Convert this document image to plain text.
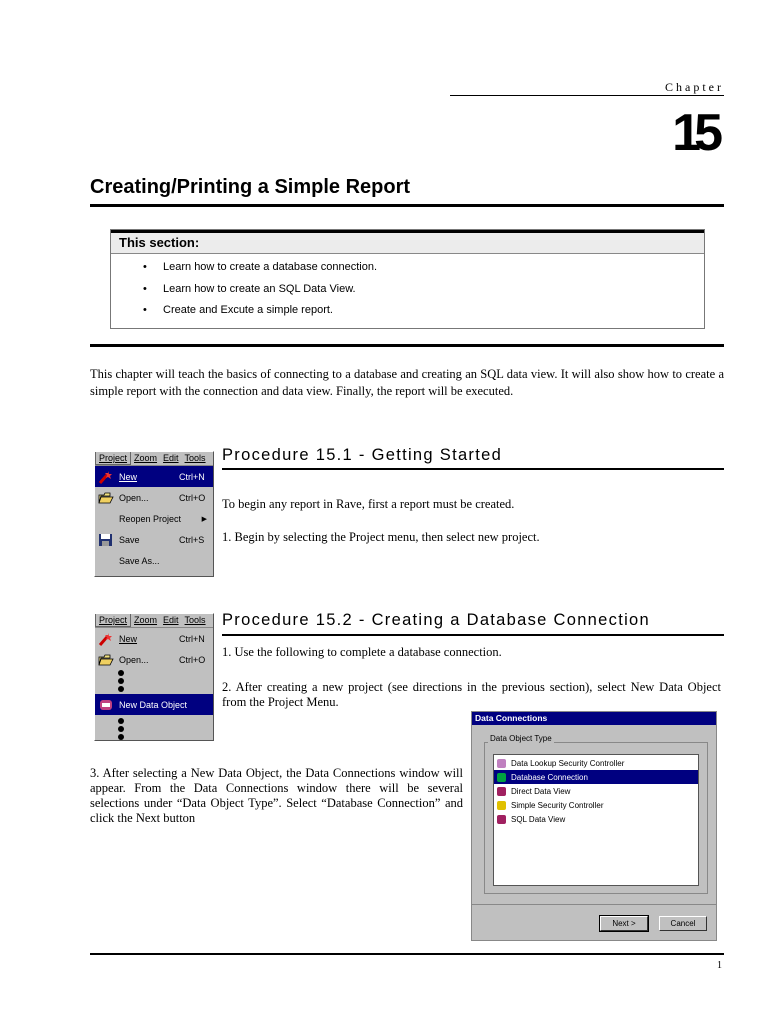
Chapter
15
Creating/Printing a Simple Report
This section:
• Learn how to create a database connection.
• Learn how to create an SQL Data View.
• Create and Excute a simple report.

This chapter will teach the basics of connecting to a database and creating an SQL data view. It will also show how to create a simple report with the connection and data view. Finally, the report will be executed.

Project Zoom Edit Tools
New	Ctrl+N
Open...	Ctrl+O
Reopen Project	▶
Save	Ctrl+S
Save As...
Procedure 15.1 - Getting Started

To begin any report in Rave, first a report must be created.

1. Begin by selecting the Project menu, then select new project.

Project Zoom Edit Tools
New	Ctrl+N
Open...	Ctrl+O
New Data Object
Procedure 15.2 - Creating a Database Connection

1. Use the following to complete a database connection.

2. After creating a new project (see directions in the previous section), select New Data Object from the Project Menu.

3. After selecting a New Data Object, the Data Connections window will appear. From the Data Connections window there will be several selections under “Data Object Type”. Select “Database Connection” and click the Next button

Data Connections
Data Object Type
Data Lookup Security Controller
Database Connection
Direct Data View
Simple Security Controller
SQL Data View
Next >	Cancel
1
